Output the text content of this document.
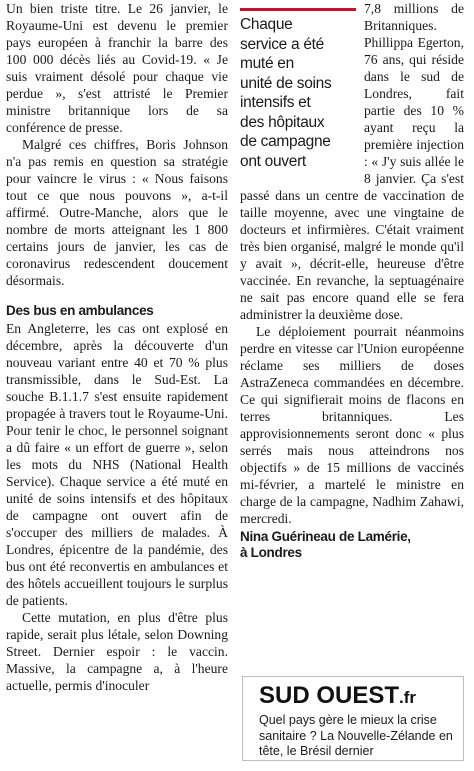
Un bien triste titre. Le 26 janvier, le Royaume-Uni est devenu le premier pays européen à franchir la barre des 100 000 décès liés au Covid-19. « Je suis vraiment désolé pour chaque vie perdue », s'est attristé le Premier ministre britannique lors de sa conférence de presse.

Malgré ces chiffres, Boris Johnson n'a pas remis en question sa stratégie pour vaincre le virus : « Nous faisons tout ce que nous pouvons », a-t-il affirmé. Outre-Manche, alors que le nombre de morts atteignant les 1 800 certains jours de janvier, les cas de coronavirus redescendent doucement désormais.

Des bus en ambulances

En Angleterre, les cas ont explosé en décembre, après la découverte d'un nouveau variant entre 40 et 70 % plus transmissible, dans le Sud-Est. La souche B.1.1.7 s'est ensuite rapidement propagée à travers tout le Royaume-Uni. Pour tenir le choc, le personnel soignant a dû faire « un effort de guerre », selon les mots du NHS (National Health Service). Chaque service a été muté en unité de soins intensifs et des hôpitaux de campagne ont ouvert afin de s'occuper des milliers de malades. À Londres, épicentre de la pandémie, des bus ont été reconvertis en ambulances et des hôtels accueillent toujours le surplus de patients.

Cette mutation, en plus d'être plus rapide, serait plus létale, selon Downing Street. Dernier espoir : le vaccin. Massive, la campagne a, à l'heure actuelle, permis d'inoculer

Chaque
service a été
muté en
unité de soins
intensifs et
des hôpitaux
de campagne
ont ouvert

7,8 millions de Britanniques. Phillippa Egerton, 76 ans, qui réside dans le sud de Londres, fait partie des 10 % ayant reçu la première injection : « J'y suis allée le 8 janvier. Ça s'est passé dans un centre de vaccination de taille moyenne, avec une vingtaine de docteurs et infirmières. C'était vraiment très bien organisé, malgré le monde qu'il y avait », décrit-elle, heureuse d'être vaccinée. En revanche, la septuagénaire ne sait pas encore quand elle se fera administrer la deuxième dose.

Le déploiement pourrait néanmoins perdre en vitesse car l'Union européenne réclame ses milliers de doses AstraZeneca commandées en décembre. Ce qui signifierait moins de flacons en terres britanniques. Les approvisionnements seront donc « plus serrés mais nous atteindrons nos objectifs » de 15 millions de vaccinés mi-février, a martelé le ministre en charge de la campagne, Nadhim Zahawi, mercredi.

Nina Guérineau de Lamérie,
à Londres
SUD OUEST.fr
Quel pays gère le mieux la crise sanitaire ? La Nouvelle-Zélande en tête, le Brésil dernier
